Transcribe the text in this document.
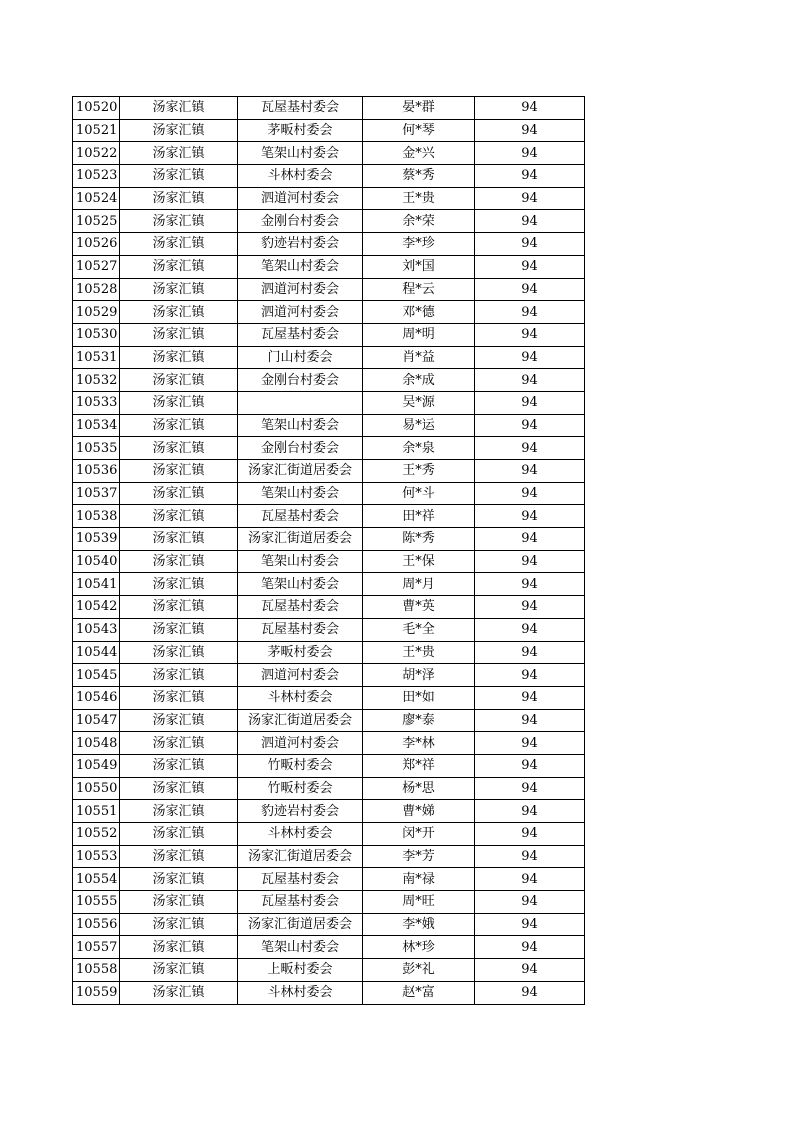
10520	汤家汇镇	瓦屋基村委会	晏*群	94
10521	汤家汇镇	茅畈村委会	何*琴	94
10522	汤家汇镇	笔架山村委会	金*兴	94
10523	汤家汇镇	斗林村委会	蔡*秀	94
10524	汤家汇镇	泗道河村委会	王*贵	94
10525	汤家汇镇	金刚台村委会	余*荣	94
10526	汤家汇镇	豹迹岩村委会	李*珍	94
10527	汤家汇镇	笔架山村委会	刘*国	94
10528	汤家汇镇	泗道河村委会	程*云	94
10529	汤家汇镇	泗道河村委会	邓*德	94
10530	汤家汇镇	瓦屋基村委会	周*明	94
10531	汤家汇镇	门山村委会	肖*益	94
10532	汤家汇镇	金刚台村委会	余*成	94
10533	汤家汇镇		吴*源	94
10534	汤家汇镇	笔架山村委会	易*运	94
10535	汤家汇镇	金刚台村委会	余*泉	94
10536	汤家汇镇	汤家汇街道居委会	王*秀	94
10537	汤家汇镇	笔架山村委会	何*斗	94
10538	汤家汇镇	瓦屋基村委会	田*祥	94
10539	汤家汇镇	汤家汇街道居委会	陈*秀	94
10540	汤家汇镇	笔架山村委会	王*保	94
10541	汤家汇镇	笔架山村委会	周*月	94
10542	汤家汇镇	瓦屋基村委会	曹*英	94
10543	汤家汇镇	瓦屋基村委会	毛*全	94
10544	汤家汇镇	茅畈村委会	王*贵	94
10545	汤家汇镇	泗道河村委会	胡*泽	94
10546	汤家汇镇	斗林村委会	田*如	94
10547	汤家汇镇	汤家汇街道居委会	廖*泰	94
10548	汤家汇镇	泗道河村委会	李*林	94
10549	汤家汇镇	竹畈村委会	郑*祥	94
10550	汤家汇镇	竹畈村委会	杨*思	94
10551	汤家汇镇	豹迹岩村委会	曹*娣	94
10552	汤家汇镇	斗林村委会	闵*开	94
10553	汤家汇镇	汤家汇街道居委会	李*芳	94
10554	汤家汇镇	瓦屋基村委会	南*禄	94
10555	汤家汇镇	瓦屋基村委会	周*旺	94
10556	汤家汇镇	汤家汇街道居委会	李*娥	94
10557	汤家汇镇	笔架山村委会	林*珍	94
10558	汤家汇镇	上畈村委会	彭*礼	94
10559	汤家汇镇	斗林村委会	赵*富	94
